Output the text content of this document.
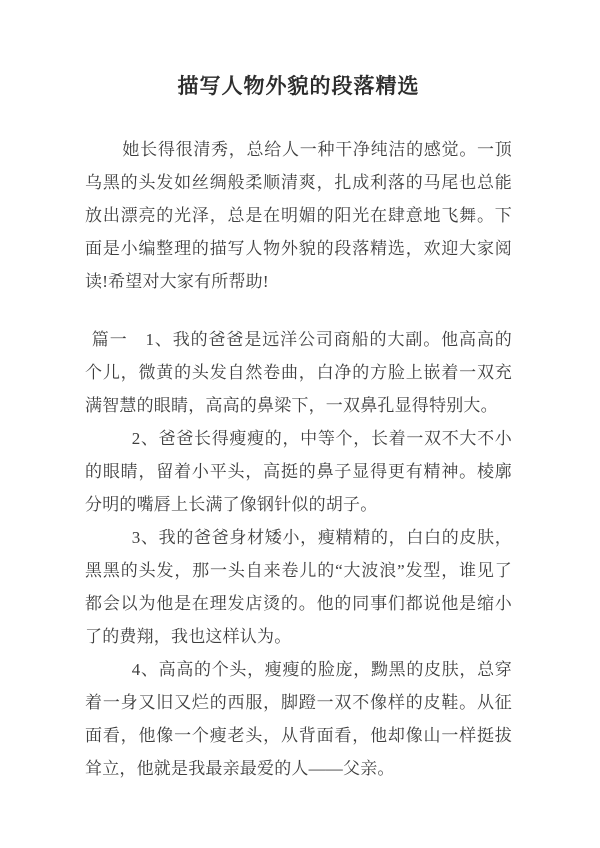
描写人物外貌的段落精选

她长得很清秀，总给人一种干净纯洁的感觉。一顶乌黑的头发如丝绸般柔顺清爽，扎成利落的马尾也总能放出漂亮的光泽，总是在明媚的阳光在肆意地飞舞。下面是小编整理的描写人物外貌的段落精选，欢迎大家阅读!希望对大家有所帮助!

篇一　1、我的爸爸是远洋公司商船的大副。他高高的个儿，微黄的头发自然卷曲，白净的方脸上嵌着一双充满智慧的眼睛，高高的鼻梁下，一双鼻孔显得特别大。

2、爸爸长得瘦瘦的，中等个，长着一双不大不小的眼睛，留着小平头，高挺的鼻子显得更有精神。棱廓分明的嘴唇上长满了像钢针似的胡子。

3、我的爸爸身材矮小，瘦精精的，白白的皮肤，黑黑的头发，那一头自来卷儿的“大波浪”发型，谁见了都会以为他是在理发店烫的。他的同事们都说他是缩小了的费翔，我也这样认为。

4、高高的个头，瘦瘦的脸庞，黝黑的皮肤，总穿着一身又旧又烂的西服，脚蹬一双不像样的皮鞋。从征面看，他像一个瘦老头，从背面看，他却像山一样挺拔耸立，他就是我最亲最爱的人——父亲。
